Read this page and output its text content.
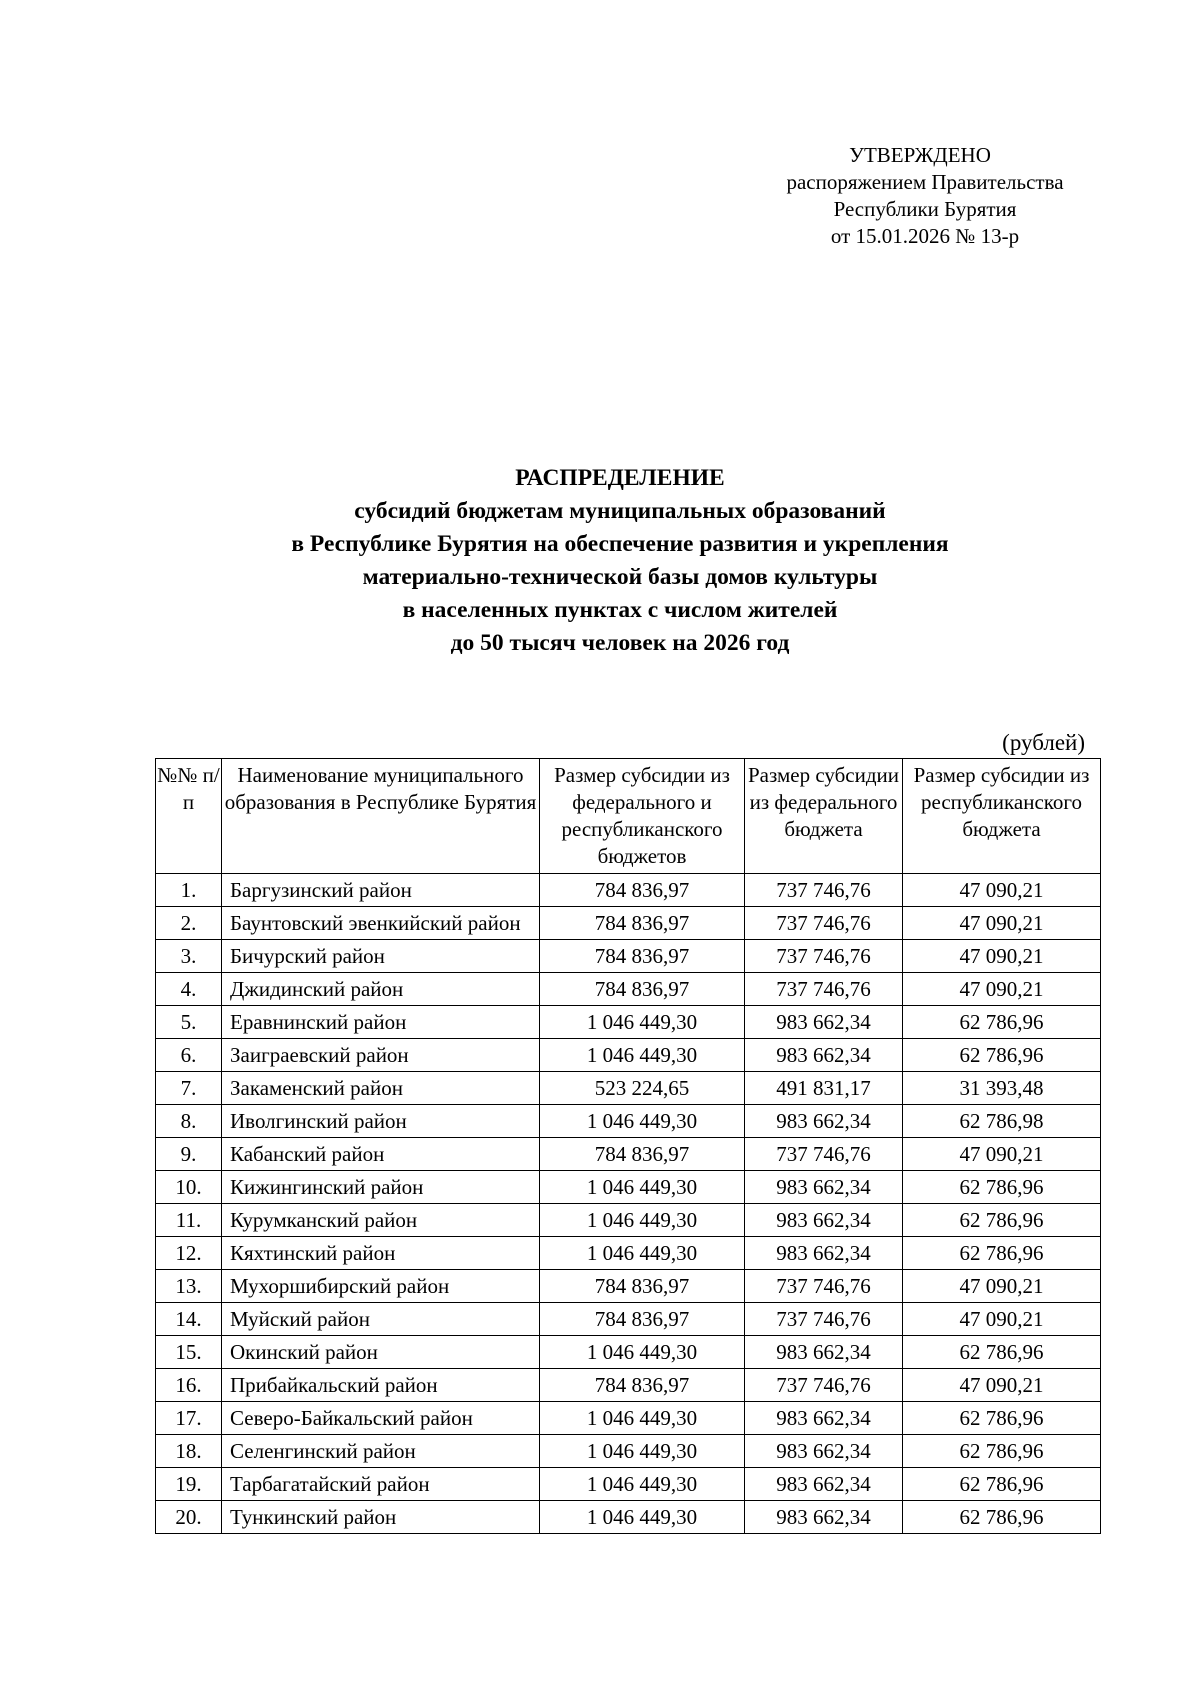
УТВЕРЖДЕНО
распоряжением Правительства
Республики Бурятия
от 15.01.2026 № 13-р
РАСПРЕДЕЛЕНИЕ
субсидий бюджетам муниципальных образований
в Республике Бурятия на обеспечение развития и укрепления
материально-технической базы домов культуры
в населенных пунктах с числом жителей
до 50 тысяч человек на 2026 год
(рублей)
№№ п/п	Наименование муниципального образования в Республике Бурятия	Размер субсидии из федерального и республиканского бюджетов	Размер субсидии из федерального бюджета	Размер субсидии из республиканского бюджета
1.	Баргузинский район	784 836,97	737 746,76	47 090,21
2.	Баунтовский эвенкийский район	784 836,97	737 746,76	47 090,21
3.	Бичурский район	784 836,97	737 746,76	47 090,21
4.	Джидинский район	784 836,97	737 746,76	47 090,21
5.	Еравнинский район	1 046 449,30	983 662,34	62 786,96
6.	Заиграевский район	1 046 449,30	983 662,34	62 786,96
7.	Закаменский район	523 224,65	491 831,17	31 393,48
8.	Иволгинский район	1 046 449,30	983 662,34	62 786,98
9.	Кабанский район	784 836,97	737 746,76	47 090,21
10.	Кижингинский район	1 046 449,30	983 662,34	62 786,96
11.	Курумканский район	1 046 449,30	983 662,34	62 786,96
12.	Кяхтинский район	1 046 449,30	983 662,34	62 786,96
13.	Мухоршибирский район	784 836,97	737 746,76	47 090,21
14.	Муйский район	784 836,97	737 746,76	47 090,21
15.	Окинский район	1 046 449,30	983 662,34	62 786,96
16.	Прибайкальский район	784 836,97	737 746,76	47 090,21
17.	Северо-Байкальский район	1 046 449,30	983 662,34	62 786,96
18.	Селенгинский район	1 046 449,30	983 662,34	62 786,96
19.	Тарбагатайский район	1 046 449,30	983 662,34	62 786,96
20.	Тункинский район	1 046 449,30	983 662,34	62 786,96
